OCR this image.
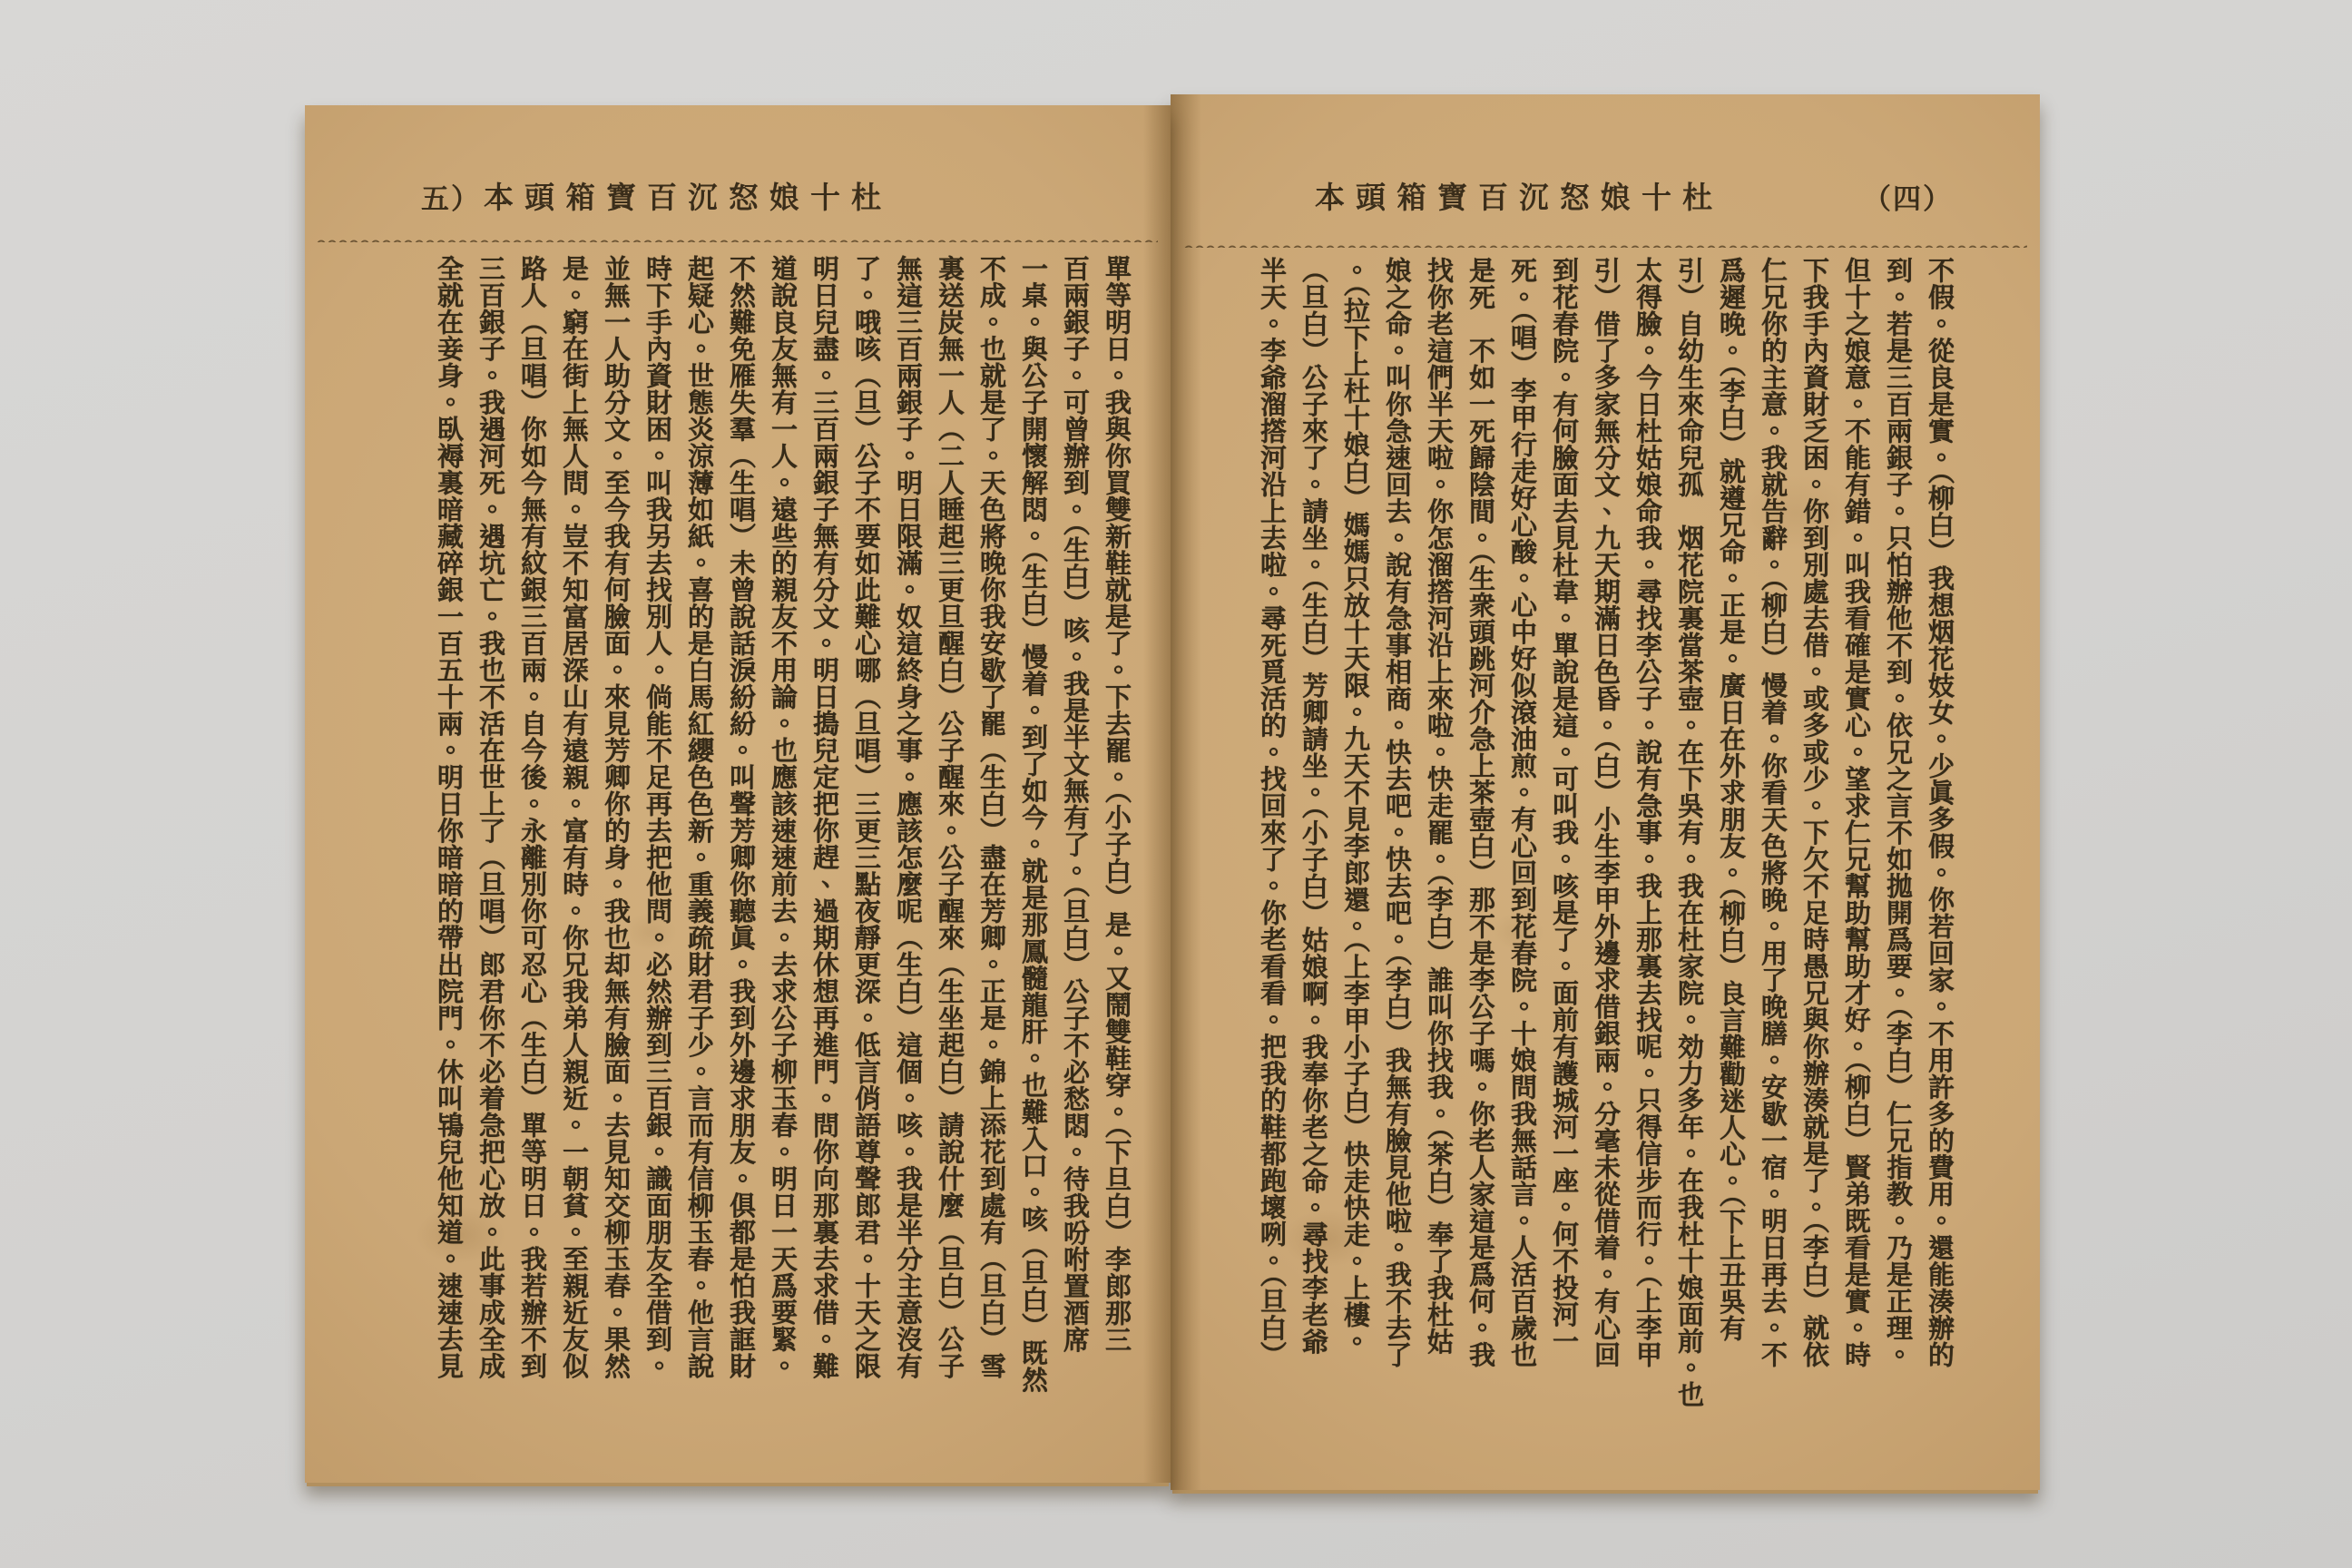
（四）
本頭箱寶百沉怒娘十杜

不假。從良是實。（柳白）我想烟花妓女。少眞多假。你若回家。不用許多的費用。還能湊辦的

到。若是三百兩銀子。只怕辦他不到。依兄之言不如拋開爲要。（李白）仁兄指教。乃是正理。

但十之娘意。不能有錯。叫我看確是實心。望求仁兄幫助幫助才好。（柳白）賢弟既看是實。時

下我手內資財乏困。你到別處去借。或多或少。下欠不足時愚兄與你辦湊就是了。（李白）就依

仁兄你的主意。我就告辭。（柳白）慢着。你看天色將晚。用了晚膳。安歇一宿。明日再去。不

爲遲晚。（李白）就遵兄命。正是。廣日在外求朋友。（柳白）良言難勸迷人心。（下上丑吳有

引）自幼生來命兒孤　烟花院裏當茶壺。在下吳有。我在杜家院。効力多年。在我杜十娘面前。也

太得臉。今日杜姑娘命我。尋找李公子。說有急事。我上那裏去找呢。只得信步而行。（上李甲

引）借了多家無分文、九天期滿日色昏。（白）小生李甲外邊求借銀兩。分毫未從借着。有心回

到花春院。有何臉面去見杜韋。單說是這。可叫我。咳是了。面前有護城河一座。何不投河一

死。（唱）李甲行走好心酸。心中好似滾油煎。有心回到花春院。十娘問我無話言。人活百歲也

是死　不如一死歸陰間。（生衆頭跳河介急上茶壺白）那不是李公子嗎。你老人家這是爲何。我

找你老這們半天啦。你怎溜撘河沿上來啦。快走罷。（李白）誰叫你找我。（茶白）奉了我杜姑

娘之命。叫你急速回去。說有急事相商。快去吧。快去吧。（李白）我無有臉見他啦。我不去了

。（拉下上杜十娘白）媽媽只放十天限。九天不見李郎還。（上李甲小子白）快走快走。上樓。

（旦白）公子來了。請坐。（生白）芳卿請坐。（小子白）姑娘啊。我奉你老之命。尋找李老爺

半天。李爺溜撘河沿上去啦。尋死覓活的。找回來了。你老看看。把我的鞋都跑壞咧。（旦白）

五） 本頭箱寶百沉怒娘十杜

單等明日。我與你買雙新鞋就是了。下去罷。（小子白）是。又鬧雙鞋穿。（下旦白）李郎那三

百兩銀子。可曾辦到。（生白）咳。我是半文無有了。（旦白）公子不必愁悶。待我吩咐置酒席

一桌。與公子開懷解悶。（生白）慢着。到了如今。就是那鳳髓龍肝。也難入口。咳（旦白）既然

不成。也就是了。天色將晚你我安歇了罷（生白）盡在芳卿。正是。錦上添花到處有（旦白）雪

裏送炭無一人（二人睡起三更旦醒白）公子醒來。公子醒來（生坐起白）請說什麼（旦白）公子

無這三百兩銀子。明日限滿。奴這終身之事。應該怎麼呢（生白）這個。咳。我是半分主意沒有

了。哦咳（旦）公子不要如此難心哪（旦唱）三更三點夜靜更深。低言俏語尊聲郎君。十天之限

明日兒盡。三百兩銀子無有分文。明日搗兒定把你趕、過期休想再進門。問你向那裏去求借。難

道說良友無有一人。遠些的親友不用論。也應該速速前去。去求公子柳玉春。明日一天爲要緊。

不然難免雁失羣（生唱）未曾說話淚紛紛。叫聲芳卿你聽眞。我到外邊求朋友。俱都是怕我誆財

起疑心。世態炎涼薄如紙。喜的是白馬紅纓色色新。重義疏財君子少。言而有信柳玉春。他言說

時下手內資財困。叫我另去找別人。倘能不足再去把他問。必然辦到三百銀。識面朋友全借到。

並無一人助分文。至今我有何臉面。來見芳卿你的身。我也却無有臉面。去見知交柳玉春。果然

是。窮在街上無人問。豈不知富居深山有遠親。富有時。你兄我弟人親近。一朝貧。至親近友似

路人（旦唱）你如今無有紋銀三百兩。自今後。永離別你可忍心（生白）單等明日。我若辦不到

三百銀子。我遇河死。遇坑亡。我也不活在世上了（旦唱）郎君你不必着急把心放。此事成全成

全就在妾身。臥褥裏暗藏碎銀一百五十兩。明日你暗暗的帶出院門。休叫鴇兒他知道。速速去見
